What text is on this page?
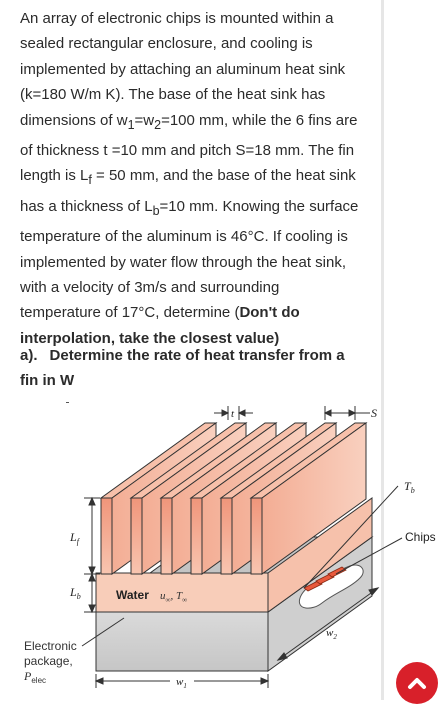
An array of electronic chips is mounted within a
sealed rectangular enclosure, and cooling is
implemented by attaching an aluminum heat sink
(k=180 W/m K). The base of the heat sink has
dimensions of $w_1=w_2=100$ mm, while the 6 fins are
of thickness t =10 mm and pitch S=18 mm. The fin
length is $L_f = 50$ mm, and the base of the heat sink
has a thickness of $L_b=10$ mm. Knowing the surface
temperature of the aluminum is 46°C. If cooling is
implemented by water flow through the heat sink,
with a velocity of 3m/s and surrounding
temperature of 17°C, determine (Don't do
interpolation, take the closest value)
a). Determine the rate of heat transfer from a
fin in W
t	S
$T_b$
Chips
$L_f$
$L_b$	Water $u_\infty$, $T_\infty$
$w_2$
$w_1$
Electronic package,
$P_{elec}$
